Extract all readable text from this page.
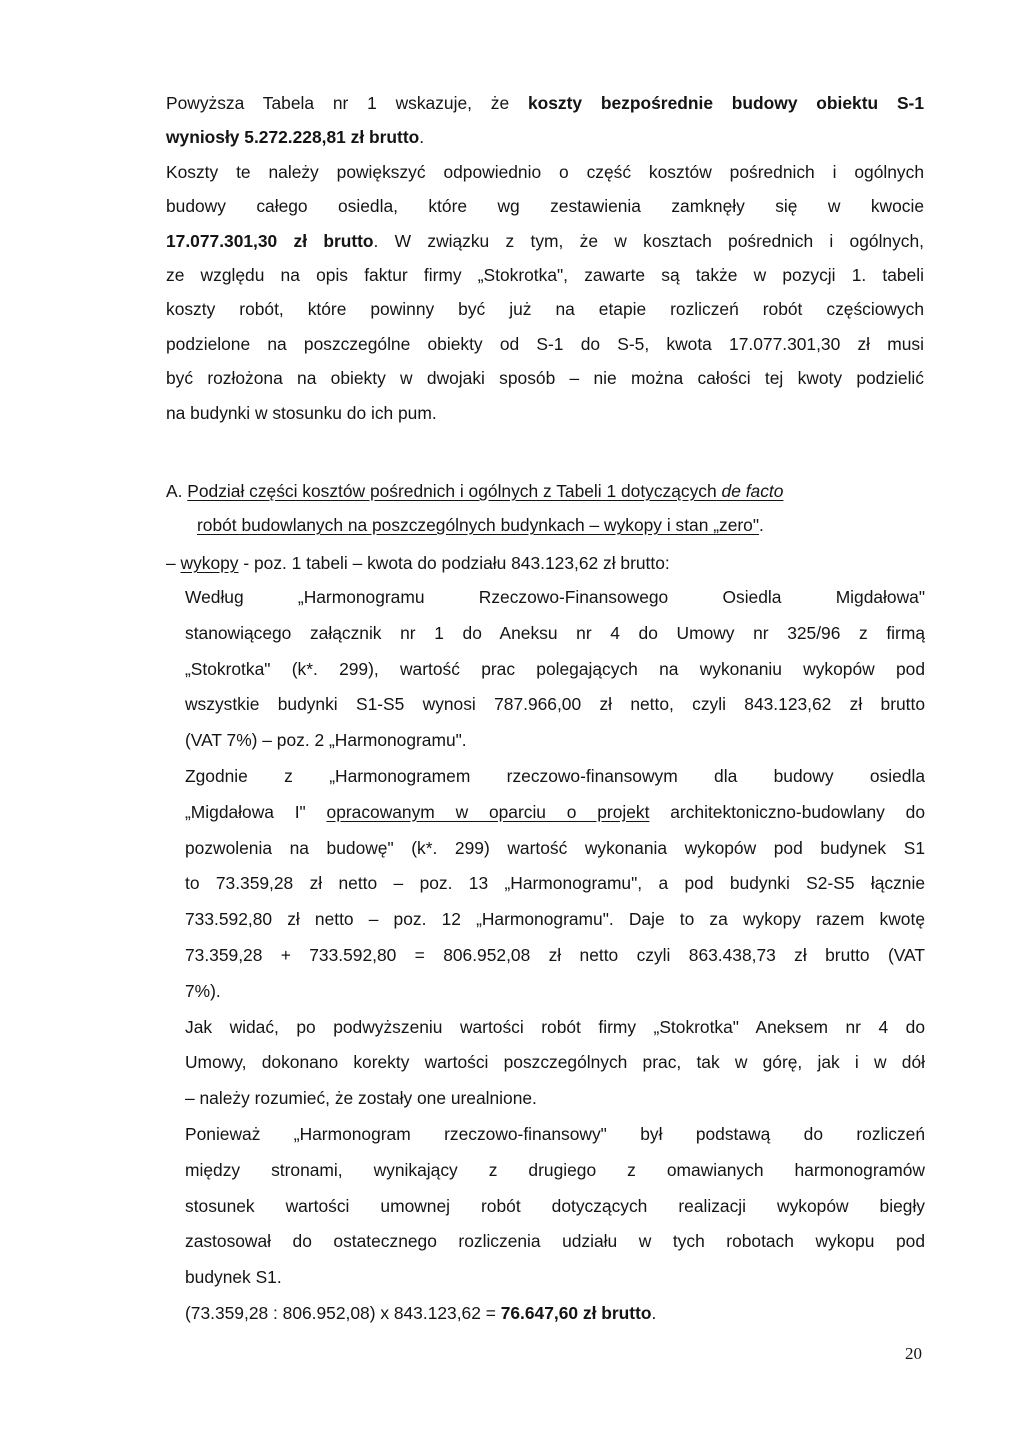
Powyższa Tabela nr 1 wskazuje, że koszty bezpośrednie budowy obiektu S-1
wyniosły 5.272.228,81 zł brutto.
Koszty te należy powiększyć odpowiednio o część kosztów pośrednich i ogólnych
budowy całego osiedla, które wg zestawienia zamknęły się w kwocie
17.077.301,30 zł brutto. W związku z tym, że w kosztach pośrednich i ogólnych,
ze względu na opis faktur firmy „Stokrotka", zawarte są także w pozycji 1. tabeli
koszty robót, które powinny być już na etapie rozliczeń robót częściowych
podzielone na poszczególne obiekty od S-1 do S-5, kwota 17.077.301,30 zł musi
być rozłożona na obiekty w dwojaki sposób – nie można całości tej kwoty podzielić
na budynki w stosunku do ich pum.
A. Podział części kosztów pośrednich i ogólnych z Tabeli 1 dotyczących de facto
robót budowlanych na poszczególnych budynkach – wykopy i stan „zero".
– wykopy - poz. 1 tabeli – kwota do podziału 843.123,62 zł brutto:
Według „Harmonogramu Rzeczowo-Finansowego Osiedla Migdałowa"
stanowiącego załącznik nr 1 do Aneksu nr 4 do Umowy nr 325/96 z firmą
„Stokrotka" (k*. 299), wartość prac polegających na wykonaniu wykopów pod
wszystkie budynki S1-S5 wynosi 787.966,00 zł netto, czyli 843.123,62 zł brutto
(VAT 7%) – poz. 2 „Harmonogramu".
Zgodnie z „Harmonogramem rzeczowo-finansowym dla budowy osiedla
„Migdałowa I" opracowanym w oparciu o projekt architektoniczno-budowlany do
pozwolenia na budowę" (k*. 299) wartość wykonania wykopów pod budynek S1
to 73.359,28 zł netto – poz. 13 „Harmonogramu", a pod budynki S2-S5 łącznie
733.592,80 zł netto – poz. 12 „Harmonogramu". Daje to za wykopy razem kwotę
73.359,28 + 733.592,80 = 806.952,08 zł netto czyli 863.438,73 zł brutto (VAT
7%).
Jak widać, po podwyższeniu wartości robót firmy „Stokrotka" Aneksem nr 4 do
Umowy, dokonano korekty wartości poszczególnych prac, tak w górę, jak i w dół
– należy rozumieć, że zostały one urealnione.
Ponieważ „Harmonogram rzeczowo-finansowy" był podstawą do rozliczeń
między stronami, wynikający z drugiego z omawianych harmonogramów
stosunek wartości umownej robót dotyczących realizacji wykopów biegły
zastosował do ostatecznego rozliczenia udziału w tych robotach wykopu pod
budynek S1.
(73.359,28 : 806.952,08) x 843.123,62 = 76.647,60 zł brutto.
20
